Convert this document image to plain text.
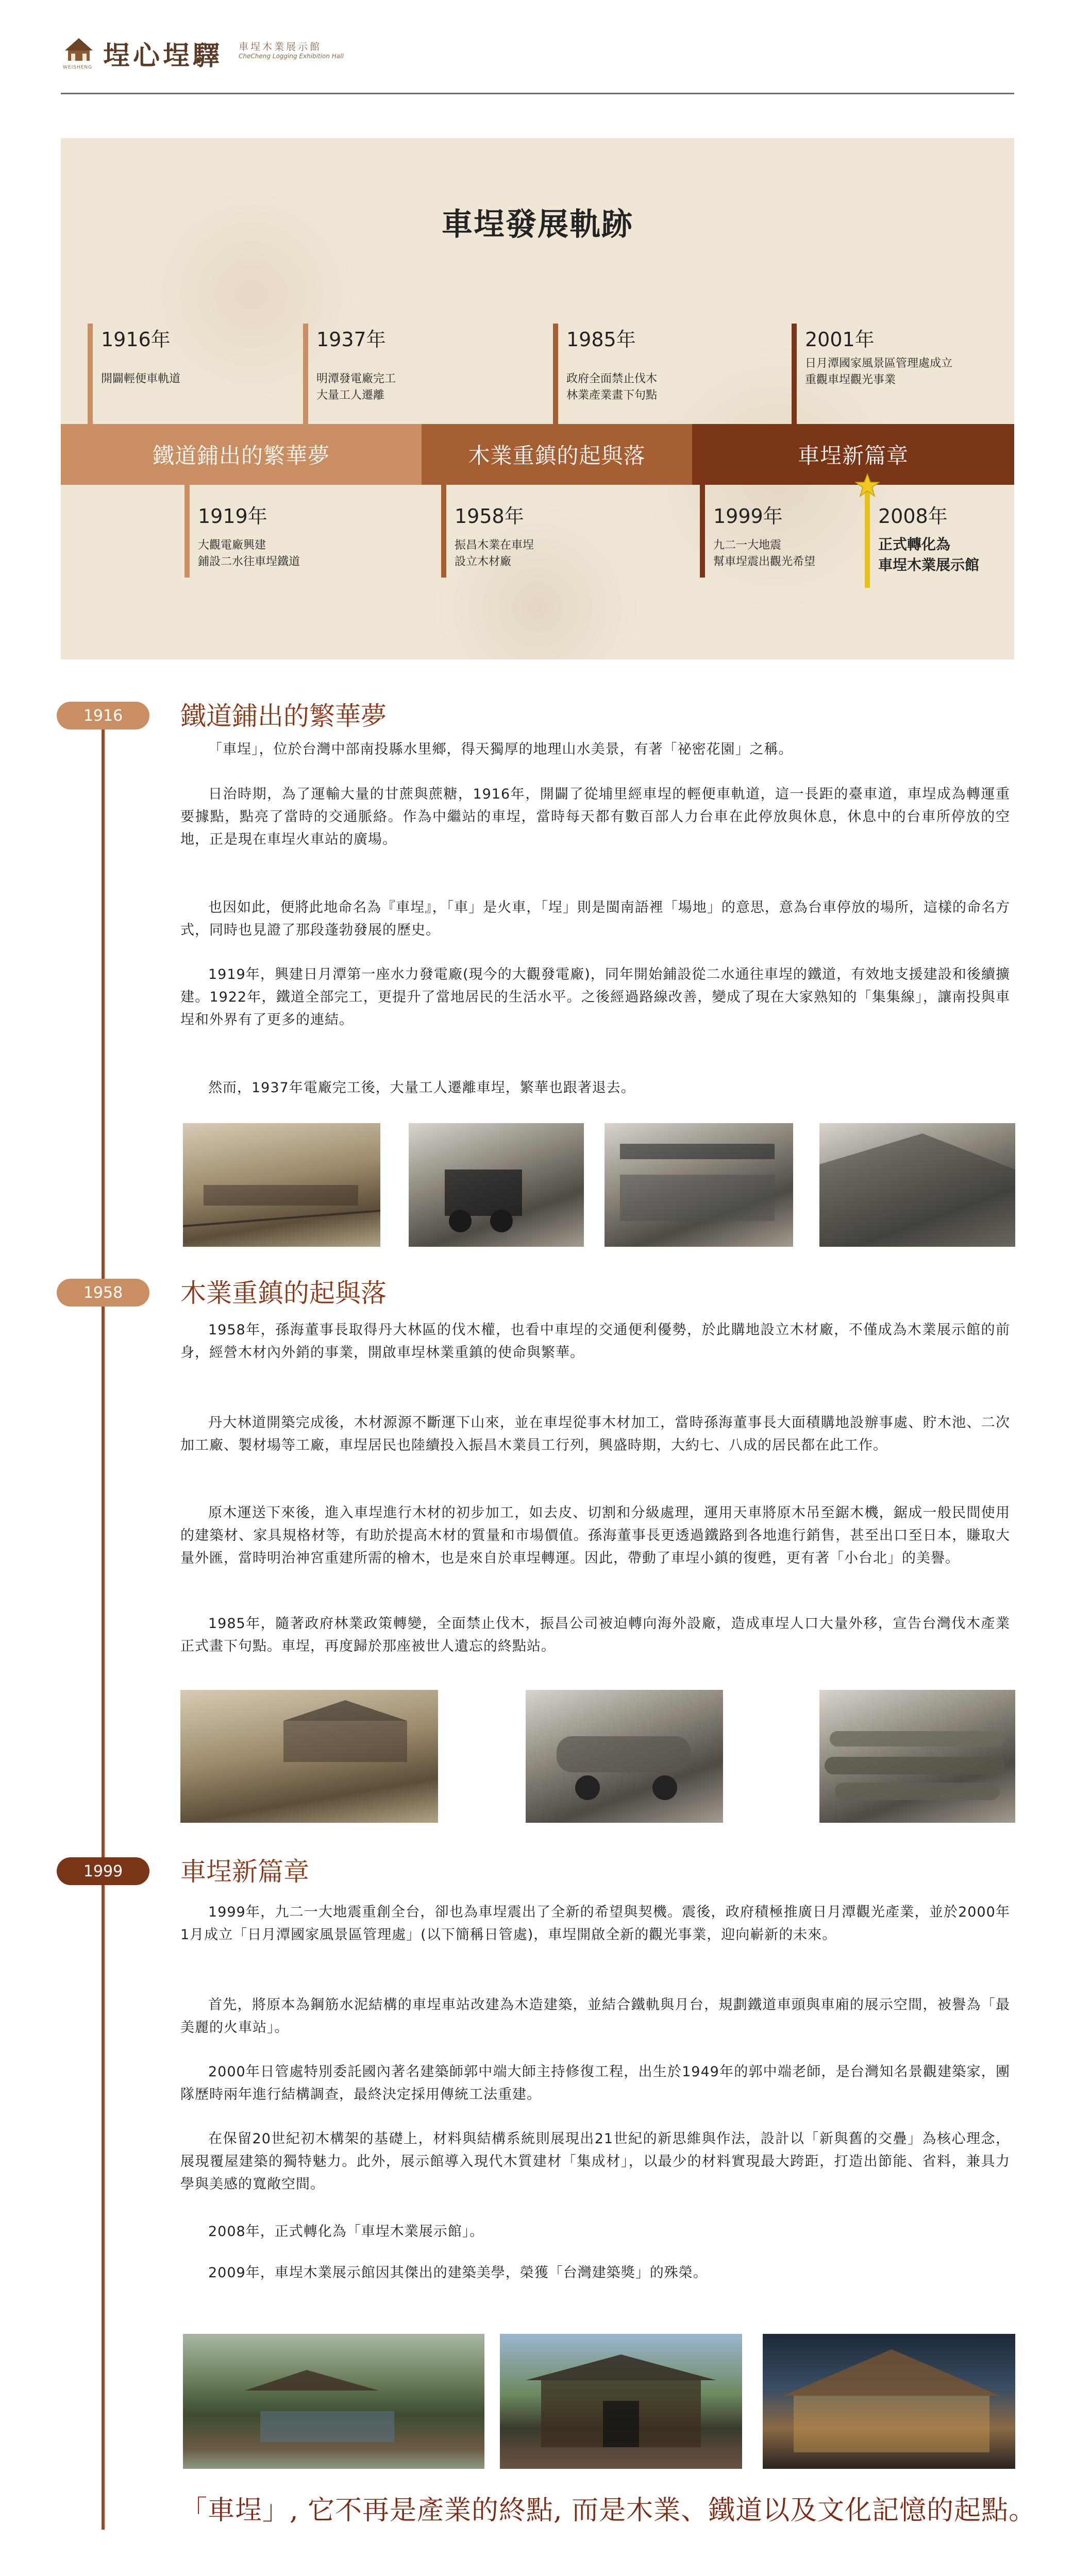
WEISHENG 埕心埕驛 車埕木業展示館
CheCheng Logging Exhibition Hall
車埕發展軌跡
1916年
開闢輕便車軌道
1937年
明潭發電廠完工
大量工人遷離
1985年
政府全面禁止伐木
林業產業畫下句點
2001年
日月潭國家風景區管理處成立
重觀車埕觀光事業
鐵道鋪出的繁華夢	木業重鎮的起與落	車埕新篇章
1919年
大觀電廠興建
鋪設二水往車埕鐵道
1958年
振昌木業在車埕
設立木材廠
1999年
九二一大地震
幫車埕震出觀光希望
2008年
正式轉化為
車埕木業展示館
1916	鐵道鋪出的繁華夢

「車埕」，位於台灣中部南投縣水里鄉，得天獨厚的地理山水美景，有著「祕密花園」之稱。

日治時期，為了運輸大量的甘蔗與蔗糖，1916年，開闢了從埔里經車埕的輕便車軌道，這一長距的臺車道，車埕成為轉運重要據點，點亮了當時的交通脈絡。作為中繼站的車埕，當時每天都有數百部人力台車在此停放與休息，休息中的台車所停放的空地，正是現在車埕火車站的廣場。

也因如此，便將此地命名為『車埕』，「車」是火車，「埕」則是閩南語裡「場地」的意思，意為台車停放的場所，這樣的命名方式，同時也見證了那段蓬勃發展的歷史。

1919年，興建日月潭第一座水力發電廠(現今的大觀發電廠)，同年開始鋪設從二水通往車埕的鐵道，有效地支援建設和後續擴建。1922年，鐵道全部完工，更提升了當地居民的生活水平。之後經過路線改善，變成了現在大家熟知的「集集線」，讓南投與車埕和外界有了更多的連結。

然而，1937年電廠完工後，大量工人遷離車埕，繁華也跟著退去。

1958	木業重鎮的起與落

1958年，孫海董事長取得丹大林區的伐木權，也看中車埕的交通便利優勢，於此購地設立木材廠，不僅成為木業展示館的前身，經營木材內外銷的事業，開啟車埕林業重鎮的使命與繁華。

丹大林道開築完成後，木材源源不斷運下山來，並在車埕從事木材加工，當時孫海董事長大面積購地設辦事處、貯木池、二次加工廠、製材場等工廠，車埕居民也陸續投入振昌木業員工行列，興盛時期，大約七、八成的居民都在此工作。

原木運送下來後，進入車埕進行木材的初步加工，如去皮、切割和分級處理，運用天車將原木吊至鋸木機，鋸成一般民間使用的建築材、家具規格材等，有助於提高木材的質量和市場價值。孫海董事長更透過鐵路到各地進行銷售，甚至出口至日本，賺取大量外匯，當時明治神宮重建所需的檜木，也是來自於車埕轉運。因此，帶動了車埕小鎮的復甦，更有著「小台北」的美譽。

1985年，隨著政府林業政策轉變，全面禁止伐木，振昌公司被迫轉向海外設廠，造成車埕人口大量外移，宣告台灣伐木產業正式畫下句點。車埕，再度歸於那座被世人遺忘的終點站。

1999	車埕新篇章

1999年，九二一大地震重創全台，卻也為車埕震出了全新的希望與契機。震後，政府積極推廣日月潭觀光產業，並於2000年1月成立「日月潭國家風景區管理處」(以下簡稱日管處)，車埕開啟全新的觀光事業，迎向嶄新的未來。

首先，將原本為鋼筋水泥結構的車埕車站改建為木造建築，並結合鐵軌與月台，規劃鐵道車頭與車廂的展示空間，被譽為「最美麗的火車站」。

2000年日管處特別委託國內著名建築師郭中端大師主持修復工程，出生於1949年的郭中端老師，是台灣知名景觀建築家，團隊歷時兩年進行結構調查，最終決定採用傳統工法重建。

在保留20世紀初木構架的基礎上，材料與結構系統則展現出21世紀的新思維與作法，設計以「新與舊的交疊」為核心理念，展現覆屋建築的獨特魅力。此外，展示館導入現代木質建材「集成材」，以最少的材料實現最大跨距，打造出節能、省料，兼具力學與美感的寬敞空間。

2008年，正式轉化為「車埕木業展示館」。

2009年，車埕木業展示館因其傑出的建築美學，榮獲「台灣建築獎」的殊榮。

「車埕」, 它不再是產業的終點, 而是木業、鐵道以及文化記憶的起點。
